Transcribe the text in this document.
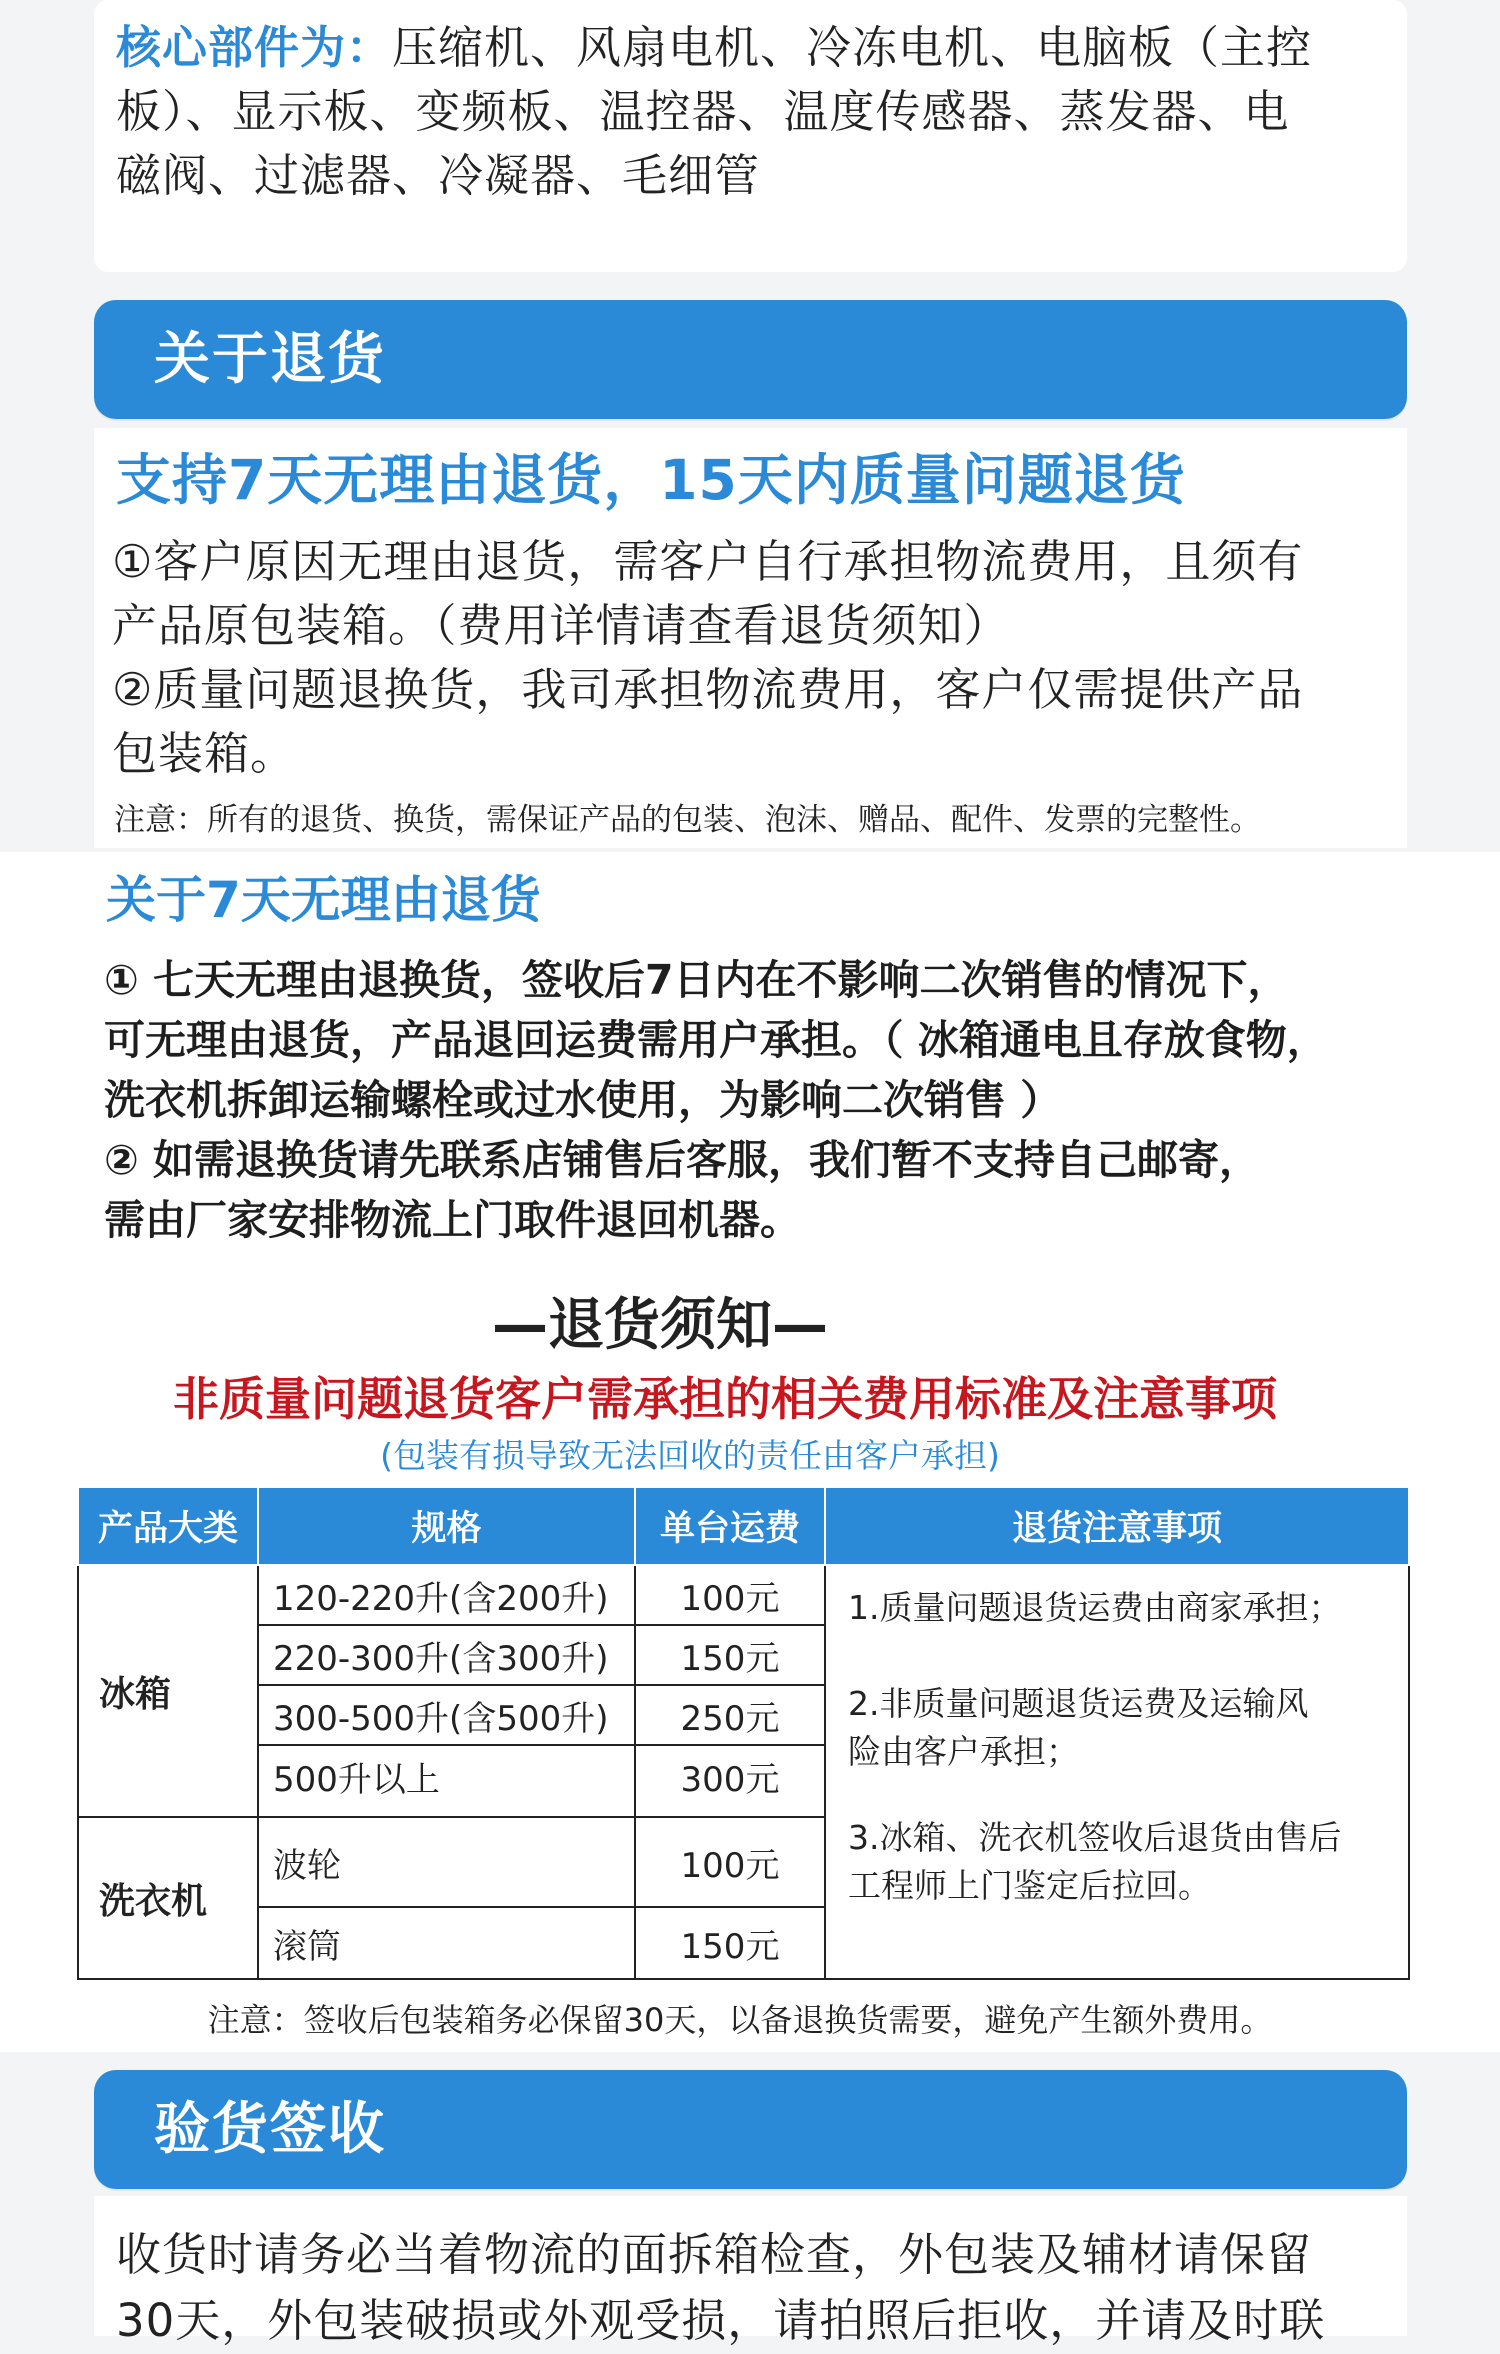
核心部件为：压缩机、风扇电机、冷冻电机、电脑板（主控
板）、显示板、变频板、温控器、温度传感器、蒸发器、电
磁阀、过滤器、冷凝器、毛细管
关于退货
支持7天无理由退货，15天内质量问题退货
①客户原因无理由退货，需客户自行承担物流费用，且须有
产品原包装箱。（费用详情请查看退货须知）
②质量问题退换货，我司承担物流费用，客户仅需提供产品
包装箱。
注意：所有的退货、换货，需保证产品的包装、泡沫、赠品、配件、发票的完整性。
关于7天无理由退货
① 七天无理由退换货，签收后7日内在不影响二次销售的情况下，
可无理由退货，产品退回运费需用户承担。（ 冰箱通电且存放食物，
洗衣机拆卸运输螺栓或过水使用，为影响二次销售 ）
② 如需退换货请先联系店铺售后客服，我们暂不支持自己邮寄，
需由厂家安排物流上门取件退回机器。
—退货须知—
非质量问题退货客户需承担的相关费用标准及注意事项
(包装有损导致无法回收的责任由客户承担)
产品大类	规格	单台运费	退货注意事项
冰箱	120-220升(含200升)	100元	1.质量问题退货运费由商家承担；

2.非质量问题退货运费及运输风

险由客户承担；

3.冰箱、洗衣机签收后退货由售后

工程师上门鉴定后拉回。

	220-300升(含300升)	150元	
	300-500升(含500升)	250元	
	500升以上	300元	
洗衣机	波轮	100元	
	滚筒	150元	
注意：签收后包装箱务必保留30天，以备退换货需要，避免产生额外费用。
验货签收
收货时请务必当着物流的面拆箱检查，外包装及辅材请保留
30天，外包装破损或外观受损，请拍照后拒收，并请及时联
